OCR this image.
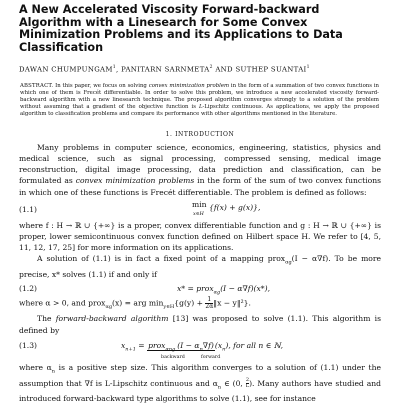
A New Accelerated Viscosity Forward-backward Algorithm with a Linesearch for Some Convex Minimization Problems and its Applications to Data Classification
DAWAN CHUMPUNGAM$^1$, PANITARN SARNMETA$^2$ AND SUTHEP SUANTAI$^1$
ABSTRACT. In this paper, we focus on solving convex minimization problem in the form of a summation of two convex functions in which one of them is Frecét differentiable. In order to solve this problem, we introduce a new accelerated viscosity forward-backward algorithm with a new linesearch technique. The proposed algorithm converges strongly to a solution of the problem without assuming that a gradient of the objective function is L-Lipschitz continuous. As applications, we apply the proposed algorithm to classification problems and compare its performance with other algorithms mentioned in the literature.
1. INTRODUCTION

Many problems in computer science, economics, engineering, statistics, physics and medical science, such as signal processing, compressed sensing, medical image reconstruction, digital image processing, data prediction and classification, can be formulated as convex minimization problems in the form of the sum of two convex functions in which one of these functions is Frecét differentiable. The problem is defined as follows:

(1.1)
min
x∈H
{f(x) + g(x)},

where f : H → ℝ ∪ {+∞} is a proper, convex differentiable function and g : H → ℝ ∪ {+∞} is proper, lower semicontinuous convex function defined on Hilbert space H. We refer to [4, 5, 11, 12, 17, 25] for more information on its applications.

A solution of (1.1) is in fact a fixed point of a mapping prox$_{\alpha g}$(I − α∇f). To be more precise, x* solves (1.1) if and only if

(1.2)	x* = prox$_{\alpha g}$(I − α∇f)(x*),

where α > 0, and prox$_{\alpha g}$(x) = arg $\min_{y\in H}\{g(y) + \frac{1}{2\alpha}$ ‖x − y‖²}.

The forward-backward algorithm [13] was proposed to solve (1.1). This algorithm is defined by

(1.3)	$x_{n+1}$ = prox$_{\alpha ng}$ $(I - \alpha_n\nabla f)(x_n)$, for all n ∈ ℕ,
backward	forward

where $\alpha_n$ is a positive step size. This algorithm converges to a solution of (1.1) under the assumption that ∇f is L-Lipschitz continuous and $\alpha_n$ ∈ (0, $\frac{2}{L}$ ). Many authors have studied and introduced forward-backward type algorithms to solve (1.1), see for instance
